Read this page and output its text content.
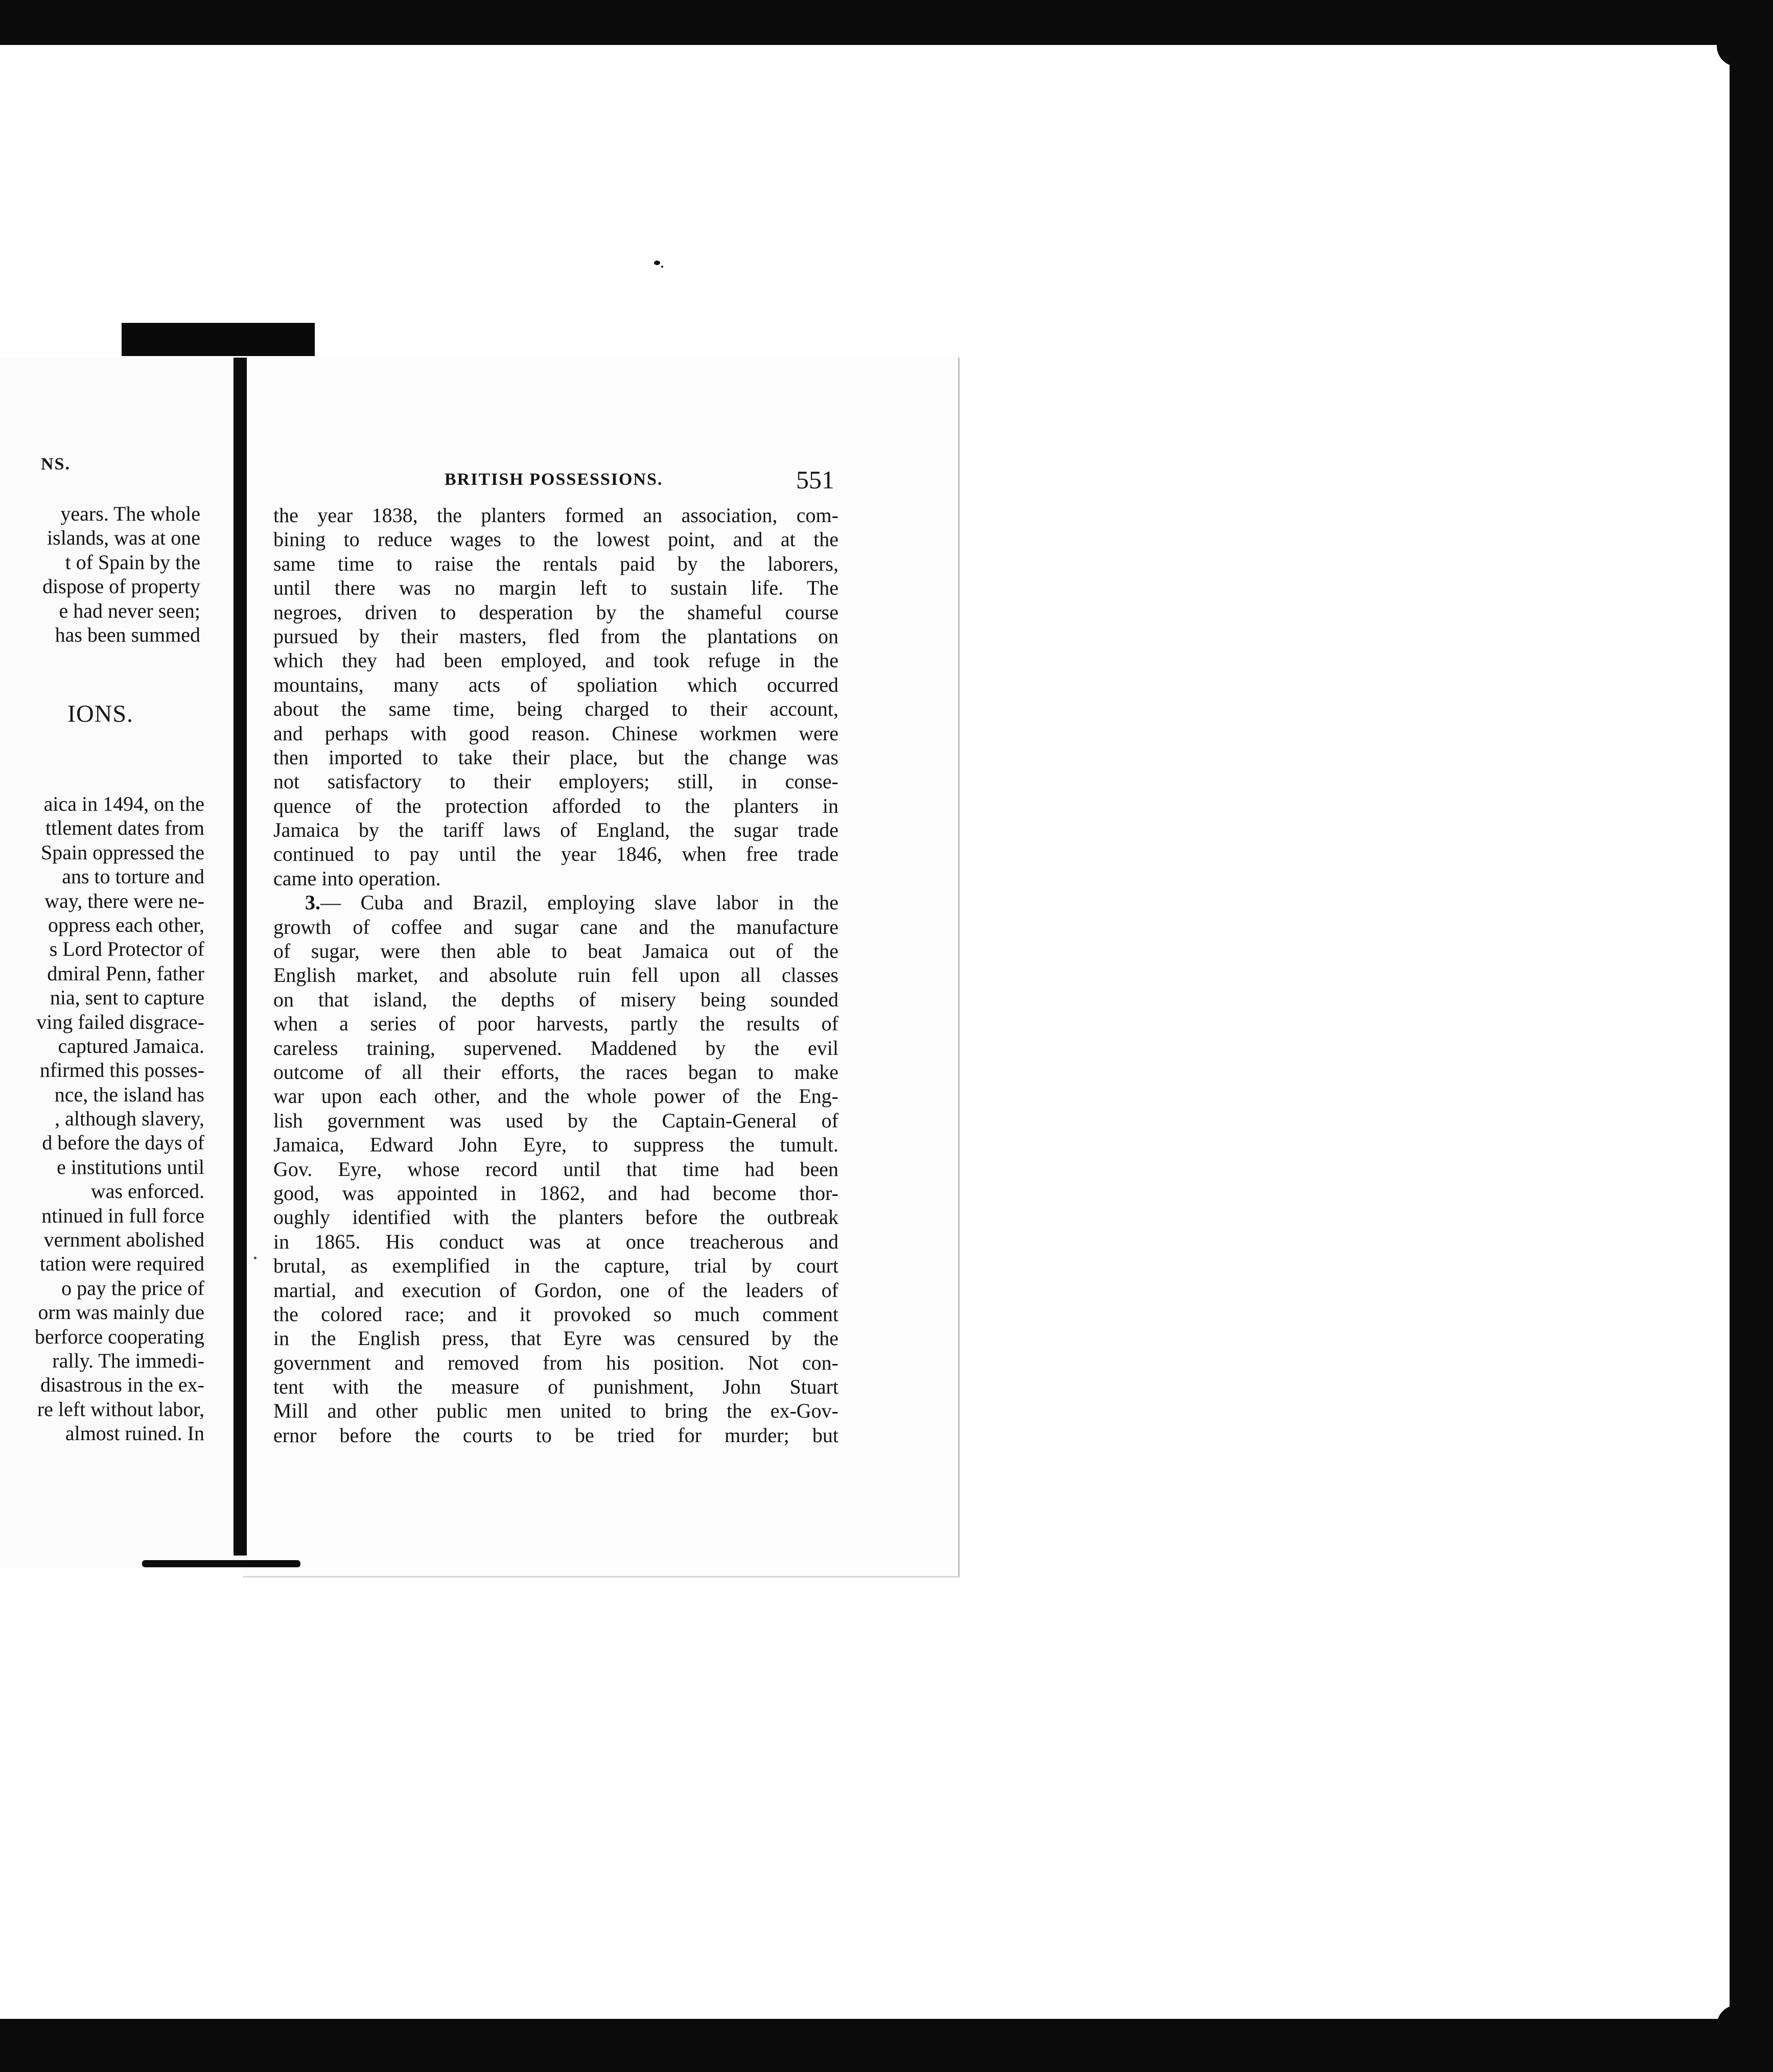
NS.
years. The whole
islands, was at one
t of Spain by the
dispose of property
e had never seen;
has been summed
IONS.
aica in 1494, on the
ttlement dates from
Spain oppressed the
ans to torture and
way, there were ne-
oppress each other,
s Lord Protector of
dmiral Penn, father
nia, sent to capture
ving failed disgrace-
captured Jamaica.
nfirmed this posses-
nce, the island has
, although slavery,
d before the days of
e institutions until
was enforced.
ntinued in full force
vernment abolished
tation were required
o pay the price of
orm was mainly due
berforce cooperating
rally. The immedi-
disastrous in the ex-
re left without labor,
almost ruined. In
BRITISH POSSESSIONS.	551
the year 1838, the planters formed an association, com-
bining to reduce wages to the lowest point, and at the
same time to raise the rentals paid by the laborers,
until there was no margin left to sustain life. The
negroes, driven to desperation by the shameful course
pursued by their masters, fled from the plantations on
which they had been employed, and took refuge in the
mountains, many acts of spoliation which occurred
about the same time, being charged to their account,
and perhaps with good reason. Chinese workmen were
then imported to take their place, but the change was
not satisfactory to their employers; still, in conse-
quence of the protection afforded to the planters in
Jamaica by the tariff laws of England, the sugar trade
continued to pay until the year 1846, when free trade
came into operation.
3.— Cuba and Brazil, employing slave labor in the
growth of coffee and sugar cane and the manufacture
of sugar, were then able to beat Jamaica out of the
English market, and absolute ruin fell upon all classes
on that island, the depths of misery being sounded
when a series of poor harvests, partly the results of
careless training, supervened. Maddened by the evil
outcome of all their efforts, the races began to make
war upon each other, and the whole power of the Eng-
lish government was used by the Captain-General of
Jamaica, Edward John Eyre, to suppress the tumult.
Gov. Eyre, whose record until that time had been
good, was appointed in 1862, and had become thor-
oughly identified with the planters before the outbreak
in 1865. His conduct was at once treacherous and
brutal, as exemplified in the capture, trial by court
martial, and execution of Gordon, one of the leaders of
the colored race; and it provoked so much comment
in the English press, that Eyre was censured by the
government and removed from his position. Not con-
tent with the measure of punishment, John Stuart
Mill and other public men united to bring the ex-Gov-
ernor before the courts to be tried for murder; but
